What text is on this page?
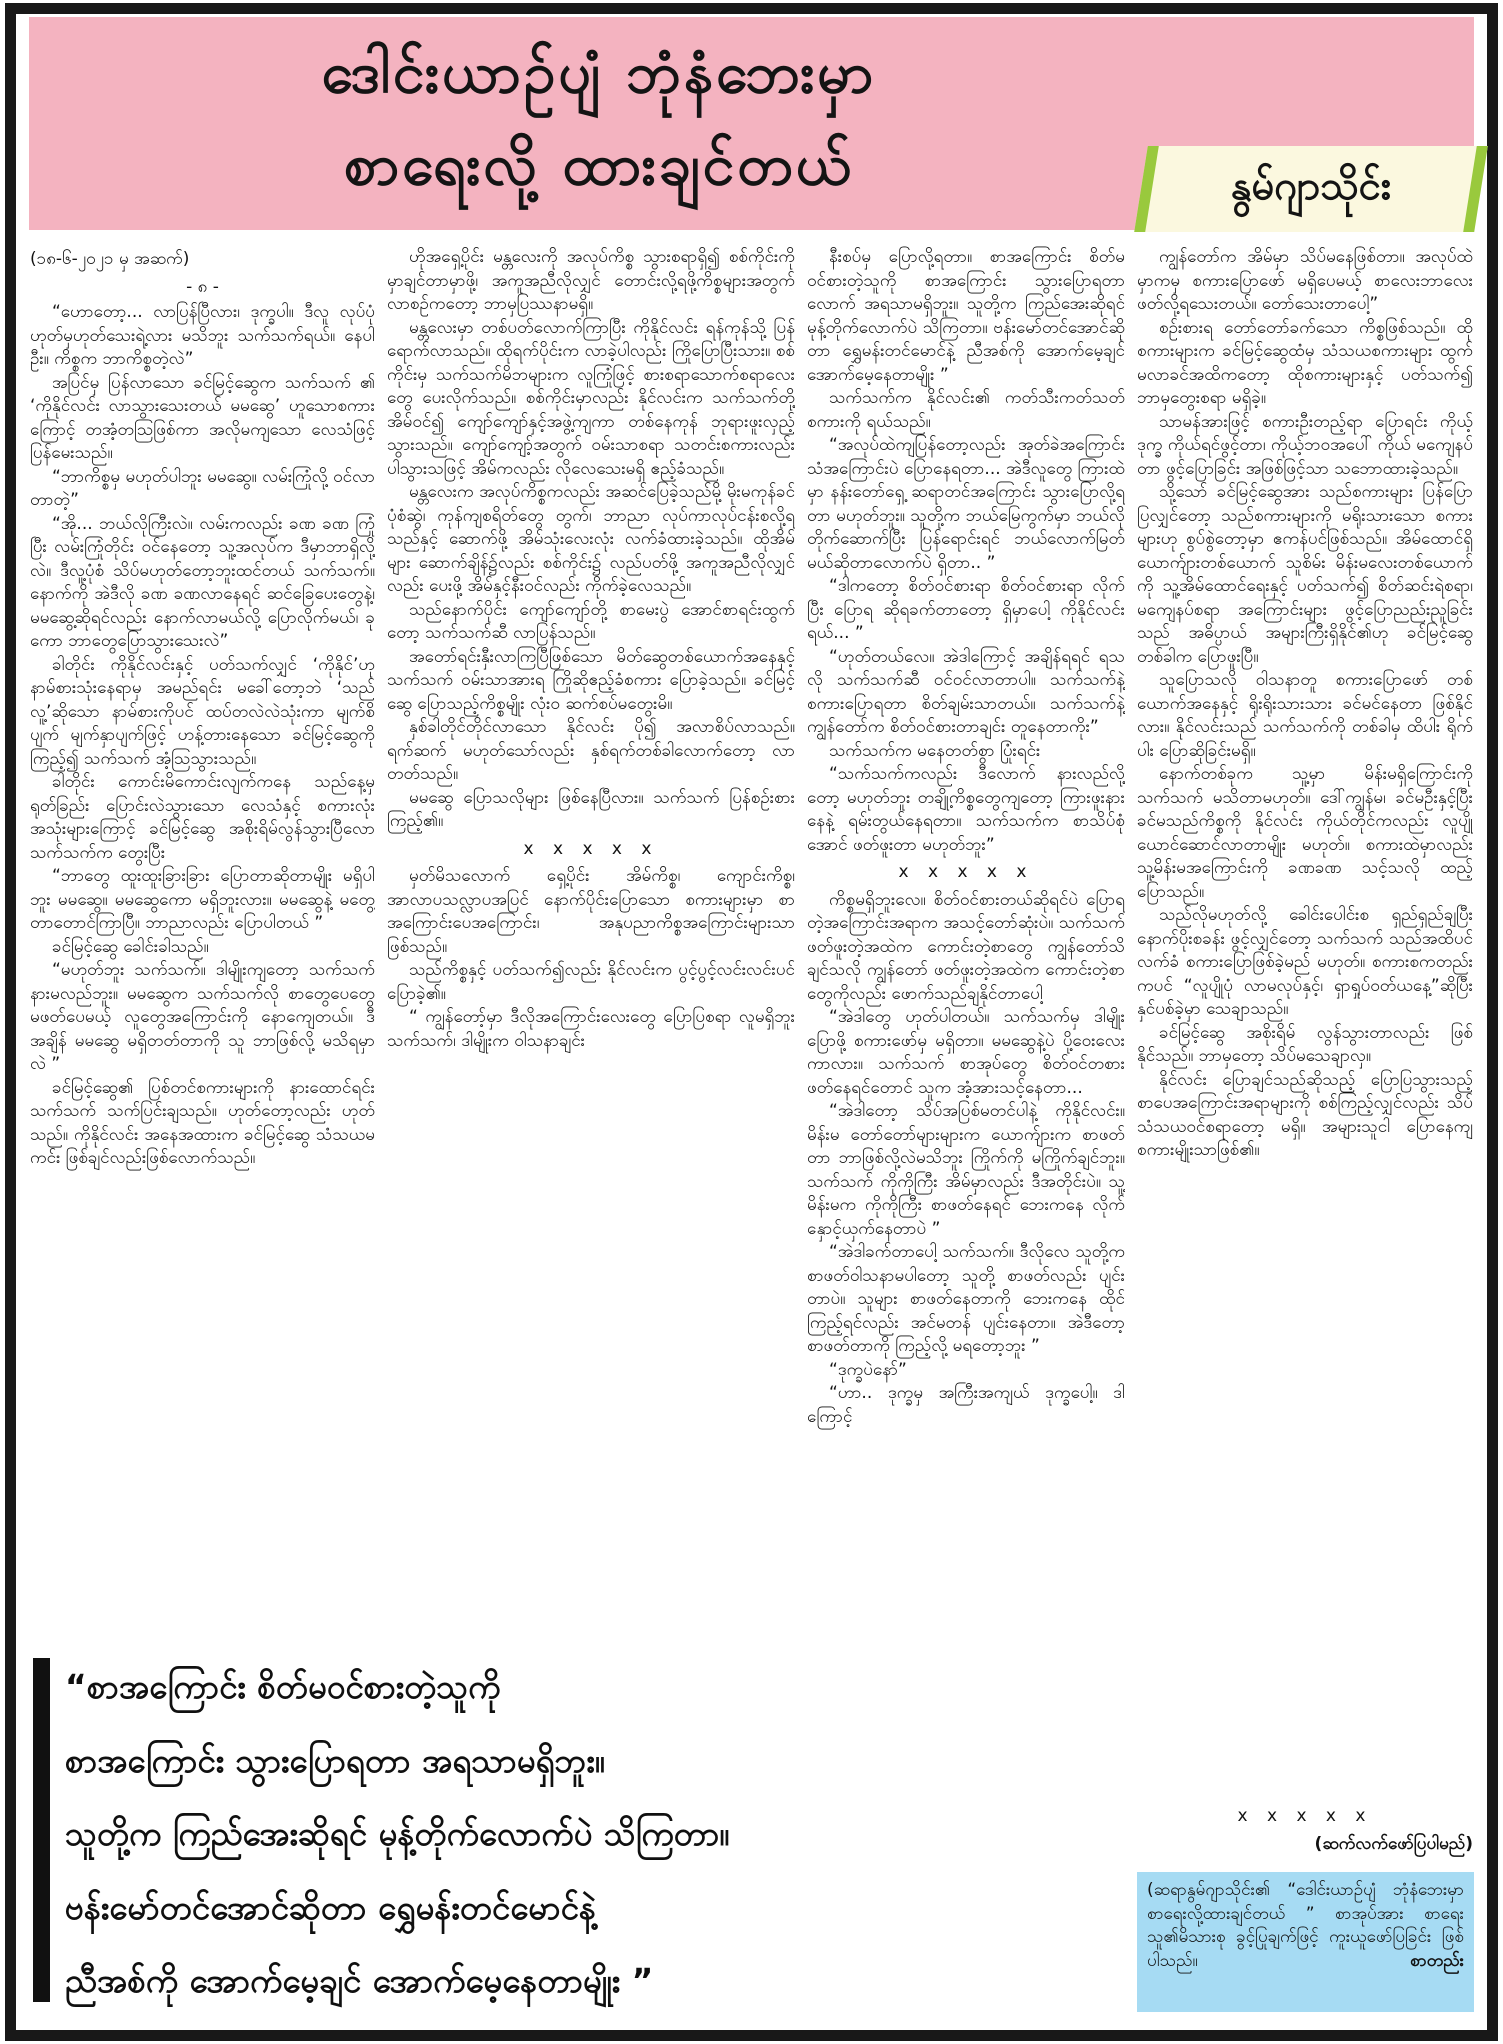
ဒေါင်းယာဉ်ပျံ ဘုံနံဘေးမှာ
စာရေးလို့ ထားချင်တယ်	နွမ်ဂျာသိုင်း
(၁၈-၆-၂၀၂၁ မှ အဆက်)
- ၈ -
“ဟောတော့... လာပြန်ပြီလား၊ ဒုက္ခပါ။ ဒီလူ လုပ်ပုံ ဟုတ်မှဟုတ်သေးရဲ့လား မသိဘူး သက်သက်ရယ်။ နေပါဦး။ ကိစ္စက ဘာကိစ္စတဲ့လဲ”
အပြင်မှ ပြန်လာသော ခင်မြင့်ဆွေက သက်သက် ၏ ‘ကိုနိုင်လင်း လာသွားသေးတယ် မမဆွေ’ ဟူသောစကားကြောင့် တအံ့တဩဖြစ်ကာ အလိုမကျသော လေသံဖြင့် ပြန်မေးသည်။
“ဘာကိစ္စမှ မဟုတ်ပါဘူး မမဆွေ။ လမ်းကြုံလို့ ဝင်လာတာတဲ့”
“အို... ဘယ်လိုကြီးလဲ။ လမ်းကလည်း ခဏ ခဏ ကြုံပြီး လမ်းကြုံတိုင်း ဝင်နေတော့ သူ့အလုပ်က ဒီမှာဘာရှိလို့လဲ။ ဒီလူ့ပုံစံ သိပ်မဟုတ်တော့ဘူးထင်တယ် သက်သက်။ နောက်ကို အဲဒီလို ခဏ ခဏလာနေရင် ဆင်ခြေပေးတွေနဲ့၊ မမဆွေ့ဆိုရင်လည်း နောက်လာမယ်လို့ ပြောလိုက်မယ်၊ ခုကော ဘာတွေပြောသွားသေးလဲ”
ခါတိုင်း ကိုနိုင်လင်းနှင့် ပတ်သက်လျှင် ‘ကိုနိုင်’ဟု နာမ်စားသုံးနေရာမှ အမည်ရင်း မခေါ်တော့ဘဲ ‘သည်လူ့’ဆိုသော နာမ်စားကိုပင် ထပ်တလဲလဲသုံးကာ မျက်စိပျက် မျက်နှာပျက်ဖြင့် ဟန့်တားနေသော ခင်မြင့်ဆွေကို ကြည့်၍ သက်သက် အံ့ဩသွားသည်။
ခါတိုင်း ကောင်းမိကောင်းလျက်ကနေ သည်နေ့မှ ရုတ်ခြည်း ပြောင်းလဲသွားသော လေသံနှင့် စကားလုံးအသုံးများကြောင့် ခင်မြင့်ဆွေ အစိုးရိမ်လွန်သွားပြီလော သက်သက်က တွေးပြီး
“ဘာတွေ ထူးထူးခြားခြား ပြောတာဆိုတာမျိုး မရှိပါဘူး မမဆွေ။ မမဆွေကော မရှိဘူးလား။ မမဆွေနဲ့ မတွေ့တာတောင်ကြာပြီ။ ဘာညာလည်း ပြောပါတယ် ”
ခင်မြင့်ဆွေ ခေါင်းခါသည်။
“မဟုတ်ဘူး သက်သက်။ ဒါမျိုးကျတော့ သက်သက် နားမလည်ဘူး။ မမဆွေက သက်သက်လို စာတွေပေတွေ မဖတ်ပေမယ့် လူတွေအကြောင်းကို နောကျေတယ်။ ဒီအချိန် မမဆွေ မရှိတတ်တာကို သူ ဘာဖြစ်လို့ မသိရမှာလဲ ”
ခင်မြင့်ဆွေ၏ ပြစ်တင်စကားများကို နားထောင်ရင်း သက်သက် သက်ပြင်းချသည်။ ဟုတ်တော့လည်း ဟုတ်သည်။ ကိုနိုင်လင်း အနေအထားက ခင်မြင့်ဆွေ သံသယမကင်း ဖြစ်ချင်လည်းဖြစ်လောက်သည်။
ဟိုအရှေ့ပိုင်း မန္တလေးကို အလုပ်ကိစ္စ သွားစရာရှိ၍ စစ်ကိုင်းကို မှာချင်တာမှာဖို့၊ အကူအညီလိုလျှင် တောင်းလို့ရဖို့ကိစ္စများအတွက် လာစဉ်ကတော့ ဘာမှပြဿနာမရှိ။
မန္တလေးမှာ တစ်ပတ်လောက်ကြာပြီး ကိုနိုင်လင်း ရန်ကုန်သို့ ပြန်ရောက်လာသည်။ ထိုရက်ပိုင်းက လာခဲ့ပါလည်း ကြိုပြောပြီးသား။ စစ်ကိုင်းမှ သက်သက်မိဘများက လူကြုံဖြင့် စားစရာသောက်စရာလေးတွေ ပေးလိုက်သည်။ စစ်ကိုင်းမှာလည်း နိုင်လင်းက သက်သက်တို့အိမ်ဝင်၍ ကျော်ကျော်နှင့်အဖွဲ့ကျကာ တစ်နေကုန် ဘုရားဖူးလှည့်သွားသည်။ ကျော်ကျော့်အတွက် ဝမ်းသာစရာ သတင်းစကားလည်း ပါသွားသဖြင့် အိမ်ကလည်း လိုလေသေးမရှိ ဧည့်ခံသည်။
မန္တလေးက အလုပ်ကိစ္စကလည်း အဆင်ပြေခဲ့သည်မို့ မိုးမကုန်ခင် ပုံစံဆွဲ၊ ကုန်ကျစရိတ်တွေ တွက်၊ ဘာညာ လုပ်ကာလုပ်ငန်းစလို့ရသည်နှင့် ဆောက်ဖို့ အိမ်သုံးလေးလုံး လက်ခံထားခဲ့သည်။ ထိုအိမ်များ ဆောက်ချိန်၌လည်း စစ်ကိုင်း၌ လည်ပတ်ဖို့ အကူအညီလိုလျှင်လည်း ပေးဖို့ အိမ်နှင့်နီးဝင်လည်း ကိုက်ခဲ့လေသည်။
သည်နောက်ပိုင်း ကျော်ကျော်တို့ စာမေးပွဲ အောင်စာရင်းထွက်တော့ သက်သက်ဆီ လာပြန်သည်။
အတော်ရင်းနှီးလာကြပြီဖြစ်သော မိတ်ဆွေတစ်ယောက်အနေနှင့် သက်သက် ဝမ်းသာအားရ ကြိုဆိုဧည့်ခံစကား ပြောခဲ့သည်။ ခင်မြင့်ဆွေ ပြောသည့်ကိစ္စမျိုး လုံးဝ ဆက်စပ်မတွေးမိ။
နှစ်ခါတိုင်တိုင်လာသော နိုင်လင်း ပို၍ အလာစိပ်လာသည်။ ရက်ဆက် မဟုတ်သော်လည်း နှစ်ရက်တစ်ခါလောက်တော့ လာတတ်သည်။
မမဆွေ ပြောသလိုများ ဖြစ်နေပြီလား။ သက်သက် ပြန်စဉ်းစားကြည့်၏။
x x x x x
မှတ်မိသလောက် ရှေ့ပိုင်း အိမ်ကိစ္စ၊ ကျောင်းကိစ္စ၊ အာလာပသလ္လာပအပြင် နောက်ပိုင်းပြောသော စကားများမှာ စာအကြောင်းပေအကြောင်း၊ အနုပညာကိစ္စအကြောင်းများသာ ဖြစ်သည်။
သည်ကိစ္စနှင့် ပတ်သက်၍လည်း နိုင်လင်းက ပွင့်ပွင့်လင်းလင်းပင် ပြောခဲ့၏။
“ ကျွန်တော့်မှာ ဒီလိုအကြောင်းလေးတွေ ပြောပြစရာ လူမရှိဘူး သက်သက်၊ ဒါမျိုးက ဝါသနာချင်း
နီးစပ်မှ ပြောလို့ရတာ။ စာအကြောင်း စိတ်မဝင်စားတဲ့သူကို စာအကြောင်း သွားပြောရတာလောက် အရသာမရှိဘူး။ သူတို့က ကြည်အေးဆိုရင် မုန့်တိုက်လောက်ပဲ သိကြတာ။ ဗန်းမော်တင်အောင်ဆိုတာ ရွှေမန်းတင်မောင်နဲ့ ညီအစ်ကို အောက်မေ့ချင် အောက်မေ့နေတာမျိုး ”
သက်သက်က နိုင်လင်း၏ ကတ်သီးကတ်သတ် စကားကို ရယ်သည်။
“အလုပ်ထဲကျပြန်တော့လည်း အုတ်ခဲအကြောင်း သံအကြောင်းပဲ ပြောနေရတာ... အဲဒီလူတွေ ကြားထဲမှာ နန်းတော်ရှေ့ ဆရာတင်အကြောင်း သွားပြောလို့ရတာ မဟုတ်ဘူး။ သူတို့က ဘယ်မြေကွက်မှာ ဘယ်လိုတိုက်ဆောက်ပြီး ပြန်ရောင်းရင် ဘယ်လောက်မြတ်မယ်ဆိုတာလောက်ပဲ ရှိတာ.. ”
“ဒါကတော့ စိတ်ဝင်စားရာ စိတ်ဝင်စားရာ လိုက်ပြီး ပြောရ ဆိုရခက်တာတော့ ရှိမှာပေါ့ ကိုနိုင်လင်းရယ်... ”
“ဟုတ်တယ်လေ။ အဲဒါကြောင့် အချိန်ရရင် ရသလို သက်သက်ဆီ ဝင်ဝင်လာတာပါ။ သက်သက်နဲ့ စကားပြောရတာ စိတ်ချမ်းသာတယ်။ သက်သက်နဲ့ ကျွန်တော်က စိတ်ဝင်စားတာချင်း တူနေတာကိုး”
သက်သက်က မနေတတ်စွာ ပြုံးရင်း
“သက်သက်ကလည်း ဒီလောက် နားလည်လို့တော့ မဟုတ်ဘူး တချို့ကိစ္စတွေကျတော့ ကြားဖူးနားနေနဲ့ ရမ်းတွယ်နေရတာ။ သက်သက်က စာသိပ်စုံအောင် ဖတ်ဖူးတာ မဟုတ်ဘူး”
x x x x x
ကိစ္စမရှိဘူးလေ။ စိတ်ဝင်စားတယ်ဆိုရင်ပဲ ပြောရတဲ့အကြောင်းအရာက အသင့်တော်ဆုံးပဲ။ သက်သက်ဖတ်ဖူးတဲ့အထဲက ကောင်းတဲ့စာတွေ ကျွန်တော်သိချင်သလို ကျွန်တော် ဖတ်ဖူးတဲ့အထဲက ကောင်းတဲ့စာတွေကိုလည်း ဖောက်သည်ချနိုင်တာပေါ့
“အဲဒါတွေ ဟုတ်ပါတယ်။ သက်သက်မှ ဒါမျိုးပြောဖို့ စကားဖော်မှ မရှိတာ။ မမဆွေနဲ့ပဲ ပို့ဝေးလေးကာလား။ သက်သက် စာအုပ်တွေ စိတ်ဝင်တစား ဖတ်နေရင်တောင် သူက အံ့အားသင့်နေတာ...
“အဲဒါတော့ သိပ်အပြစ်မတင်ပါနဲ့ ကိုနိုင်လင်း။ မိန်းမ တော်တော်များများက ယောက်ျားက စာဖတ်တာ ဘာဖြစ်လို့လဲမသိဘူး ကြိုက်ကို မကြိုက်ချင်ဘူး။ သက်သက် ကိုကိုကြီး အိမ်မှာလည်း ဒီအတိုင်းပဲ။ သူ့မိန်းမက ကိုကိုကြီး စာဖတ်နေရင် ဘေးကနေ လိုက်နှောင့်ယှက်နေတာပဲ ”
“အဲဒါခက်တာပေါ့ သက်သက်။ ဒီလိုလေ သူတို့က စာဖတ်ဝါသနာမပါတော့ သူတို့ စာဖတ်လည်း ပျင်းတာပဲ။ သူများ စာဖတ်နေတာကို ဘေးကနေ ထိုင်ကြည့်ရင်လည်း အင်မတန် ပျင်းနေတာ။ အဲဒီတော့ စာဖတ်တာကို ကြည့်လို့ မရတော့ဘူး ”
“ဒုက္ခပဲနော်”
“ဟာ.. ဒုက္ခမှ အကြီးအကျယ် ဒုက္ခပေါ့။ ဒါကြောင့်
ကျွန်တော်က အိမ်မှာ သိပ်မနေဖြစ်တာ။ အလုပ်ထဲမှာကမှ စကားပြောဖော် မရှိပေမယ့် စာလေးဘာလေး ဖတ်လို့ရသေးတယ်။ တော်သေးတာပေါ့”
စဉ်းစားရ တော်တော်ခက်သော ကိစ္စဖြစ်သည်။ ထိုစကားများက ခင်မြင့်ဆွေထံမှ သံသယစကားများ ထွက်မလာခင်အထိကတော့ ထိုစကားများနှင့် ပတ်သက်၍ ဘာမှတွေးစရာ မရှိခဲ့။
သာမန်အားဖြင့် စကားဦးတည့်ရာ ပြောရင်း ကိုယ့်ဒုက္ခ ကိုယ်ရင်ဖွင့်တာ၊ ကိုယ့်ဘဝအပေါ် ကိုယ် မကျေနပ်တာ ဖွင့်ပြောခြင်း အဖြစ်ဖြင့်သာ သဘောထားခဲ့သည်။
သို့သော် ခင်မြင့်ဆွေအား သည်စကားများ ပြန်ပြောပြလျှင်တော့ သည်စကားများကို မရိုးသားသော စကားများဟု စွပ်စွဲတော့မှာ ဧကန်ပင်ဖြစ်သည်။ အိမ်ထောင်ရှိ ယောက်ျားတစ်ယောက် သူစိမ်း မိန်းမလေးတစ်ယောက်ကို သူ့အိမ်ထောင်ရေးနှင့် ပတ်သက်၍ စိတ်ဆင်းရဲစရာ၊ မကျေနပ်စရာ အကြောင်းများ ဖွင့်ပြောညည်းညူခြင်းသည် အဓိပ္ပာယ် အများကြီးရှိနိုင်၏ဟု ခင်မြင့်ဆွေ တစ်ခါက ပြောဖူးပြီ။
သူပြောသလို ဝါသနာတူ စကားပြောဖော် တစ်ယောက်အနေနှင့် ရိုးရိုးသားသား ခင်မင်နေတာ ဖြစ်နိုင်လား။ နိုင်လင်းသည် သက်သက်ကို တစ်ခါမှ ထိပါး ရိုက်ပါး ပြောဆိုခြင်းမရှိ။
နောက်တစ်ခုက သူ့မှာ မိန်းမရှိကြောင်းကို သက်သက် မသိတာမဟုတ်။ ဒေါ်ကျွန်မ၊ ခင်မဦးနှင့်ပြီး ခင်မသည်ကိစ္စကို နိုင်လင်း ကိုယ်တိုင်ကလည်း လူပျိုယောင်ဆောင်လာတာမျိုး မဟုတ်။ စကားထဲမှာလည်း သူ့မိန်းမအကြောင်းကို ခဏခဏ သင့်သလို ထည့်ပြောသည်။
သည်လိုမဟုတ်လို့ ခေါင်းပေါင်းစ ရှည်ရှည်ချပြီး နောက်ပိုးစခန်း ဖွင့်လျှင်တော့ သက်သက် သည်အထိပင် လက်ခံ စကားပြောဖြစ်ခဲ့မည် မဟုတ်။ စကားစကတည်းကပင် “လူပျိုပုံ လာမလုပ်နှင့်၊ ရှာရှုပ်ဝတ်ယနေ့”ဆိုပြီး နှင်ပစ်ခဲ့မှာ သေချာသည်။
ခင်မြင့်ဆွေ အစိုးရိမ် လွန်သွားတာလည်း ဖြစ်နိုင်သည်။ ဘာမှတော့ သိပ်မသေချာလှ။
နိုင်လင်း ပြောချင်သည်ဆိုသည့် ပြောပြသွားသည့် စာပေအကြောင်းအရာများကို စစ်ကြည့်လျှင်လည်း သိပ်သံသယဝင်စရာတော့ မရှိ။ အများသူငါ ပြောနေကျ စကားမျိုးသာဖြစ်၏။
“စာအကြောင်း စိတ်မဝင်စားတဲ့သူကို
စာအကြောင်း သွားပြောရတာ အရသာမရှိဘူး။
သူတို့က ကြည်အေးဆိုရင် မုန့်တိုက်လောက်ပဲ သိကြတာ။
ဗန်းမော်တင်အောင်ဆိုတာ ရွှေမန်းတင်မောင်နဲ့
ညီအစ်ကို အောက်မေ့ချင် အောက်မေ့နေတာမျိုး ”
x x x x x
(ဆက်လက်ဖော်ပြပါမည်)
(ဆရာနွမ်ဂျာသိုင်း၏ “ဒေါင်းယာဉ်ပျံ ဘုံနံဘေးမှာ စာရေးလို့ထားချင်တယ် ” စာအုပ်အား စာရေးသူ၏မိသားစု ခွင့်ပြုချက်ဖြင့် ကူးယူဖော်ပြခြင်း ဖြစ်ပါသည်။	စာတည်း
